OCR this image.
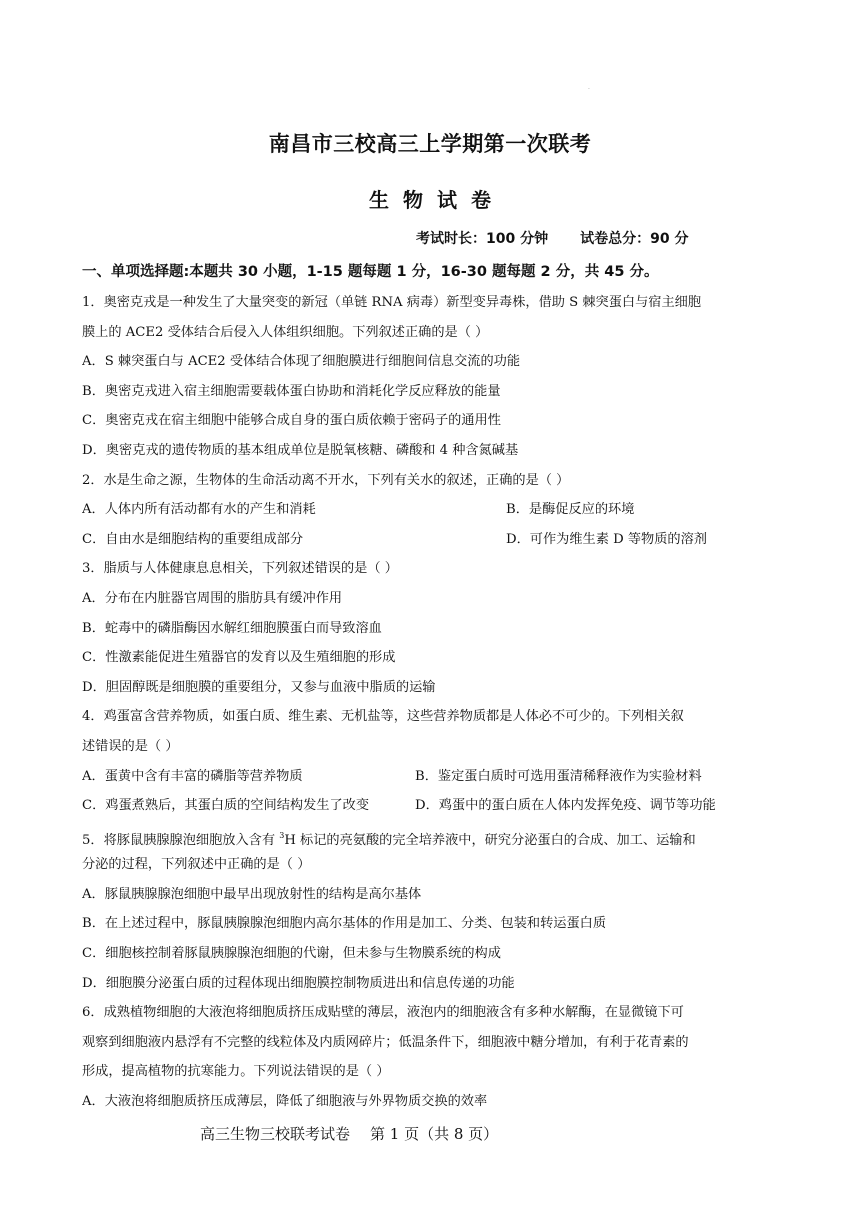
·
南昌市三校高三上学期第一次联考
生物试卷
考试时长：100 分钟 试卷总分：90 分
一、单项选择题:本题共 30 小题，1-15 题每题 1 分，16-30 题每题 2 分，共 45 分。
1．奥密克戎是一种发生了大量突变的新冠（单链 RNA 病毒）新型变异毒株，借助 S 棘突蛋白与宿主细胞
膜上的 ACE2 受体结合后侵入人体组织细胞。下列叙述正确的是（ ）
A．S 棘突蛋白与 ACE2 受体结合体现了细胞膜进行细胞间信息交流的功能
B．奥密克戎进入宿主细胞需要载体蛋白协助和消耗化学反应释放的能量
C．奥密克戎在宿主细胞中能够合成自身的蛋白质依赖于密码子的通用性
D．奥密克戎的遗传物质的基本组成单位是脱氧核糖、磷酸和 4 种含氮碱基
2．水是生命之源，生物体的生命活动离不开水，下列有关水的叙述，正确的是（ ）
A．人体内所有活动都有水的产生和消耗	B．是酶促反应的环境
C．自由水是细胞结构的重要组成部分	D．可作为维生素 D 等物质的溶剂
3．脂质与人体健康息息相关，下列叙述错误的是（ ）
A．分布在内脏器官周围的脂肪具有缓冲作用
B．蛇毒中的磷脂酶因水解红细胞膜蛋白而导致溶血
C．性激素能促进生殖器官的发育以及生殖细胞的形成
D．胆固醇既是细胞膜的重要组分，又参与血液中脂质的运输
4．鸡蛋富含营养物质，如蛋白质、维生素、无机盐等，这些营养物质都是人体必不可少的。下列相关叙
述错误的是（ ）
A．蛋黄中含有丰富的磷脂等营养物质	B．鉴定蛋白质时可选用蛋清稀释液作为实验材料
C．鸡蛋煮熟后，其蛋白质的空间结构发生了改变	D．鸡蛋中的蛋白质在人体内发挥免疫、调节等功能
5．将豚鼠胰腺腺泡细胞放入含有 $^3$H 标记的亮氨酸的完全培养液中，研究分泌蛋白的合成、加工、运输和
分泌的过程，下列叙述中正确的是（ ）
A．豚鼠胰腺腺泡细胞中最早出现放射性的结构是高尔基体
B．在上述过程中，豚鼠胰腺腺泡细胞内高尔基体的作用是加工、分类、包装和转运蛋白质
C．细胞核控制着豚鼠胰腺腺泡细胞的代谢，但未参与生物膜系统的构成
D．细胞膜分泌蛋白质的过程体现出细胞膜控制物质进出和信息传递的功能
6．成熟植物细胞的大液泡将细胞质挤压成贴壁的薄层，液泡内的细胞液含有多种水解酶，在显微镜下可
观察到细胞液内悬浮有不完整的线粒体及内质网碎片；低温条件下，细胞液中糖分增加，有利于花青素的
形成，提高植物的抗寒能力。下列说法错误的是（ ）
A．大液泡将细胞质挤压成薄层，降低了细胞液与外界物质交换的效率
高三生物三校联考试卷 第 1 页（共 8 页）
